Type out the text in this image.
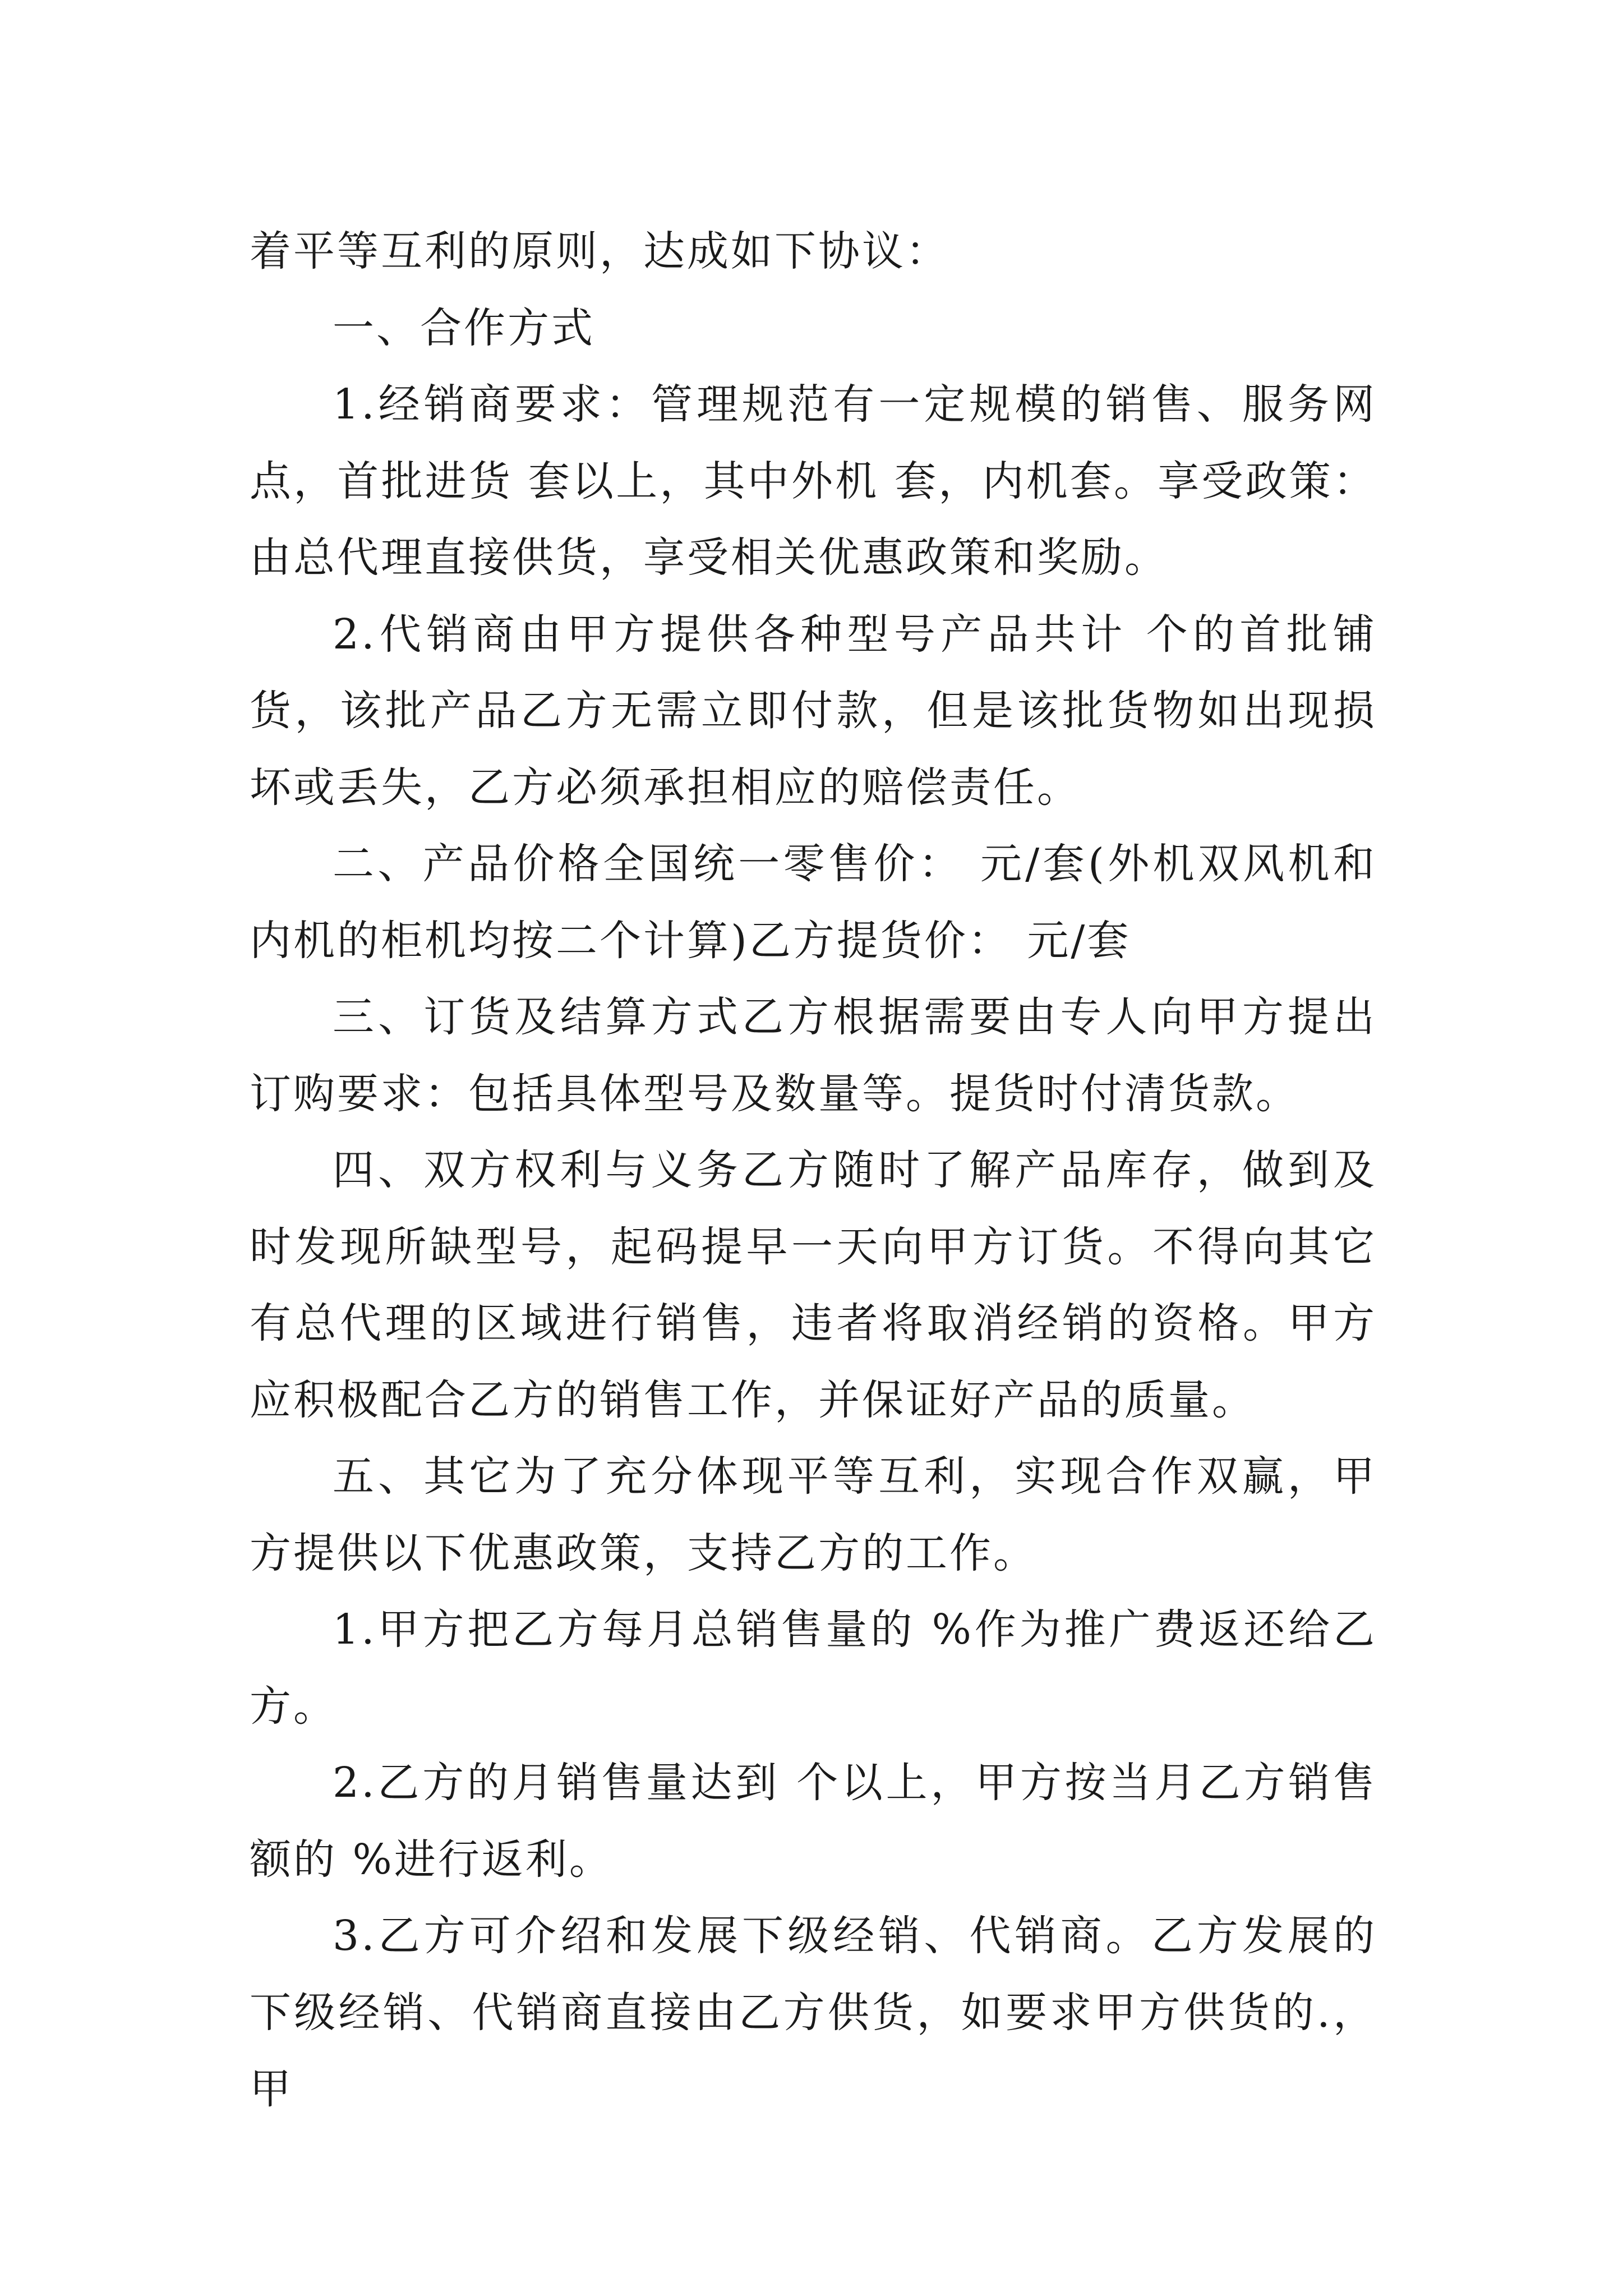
着平等互利的原则，达成如下协议：

一、合作方式

1.经销商要求：管理规范有一定规模的销售、服务网点，首批进货 套以上，其中外机 套，内机套。享受政策：由总代理直接供货，享受相关优惠政策和奖励。

2.代销商由甲方提供各种型号产品共计 个的首批铺货，该批产品乙方无需立即付款，但是该批货物如出现损坏或丢失，乙方必须承担相应的赔偿责任。

二、产品价格全国统一零售价： 元/套(外机双风机和内机的柜机均按二个计算)乙方提货价： 元/套

三、订货及结算方式乙方根据需要由专人向甲方提出订购要求：包括具体型号及数量等。提货时付清货款。

四、双方权利与义务乙方随时了解产品库存，做到及时发现所缺型号，起码提早一天向甲方订货。不得向其它有总代理的区域进行销售，违者将取消经销的资格。甲方应积极配合乙方的销售工作，并保证好产品的质量。

五、其它为了充分体现平等互利，实现合作双赢，甲方提供以下优惠政策，支持乙方的工作。

1.甲方把乙方每月总销售量的 %作为推广费返还给乙方。

2.乙方的月销售量达到 个以上，甲方按当月乙方销售额的 %进行返利。

3.乙方可介绍和发展下级经销、代销商。乙方发展的下级经销、代销商直接由乙方供货，如要求甲方供货的.，甲
